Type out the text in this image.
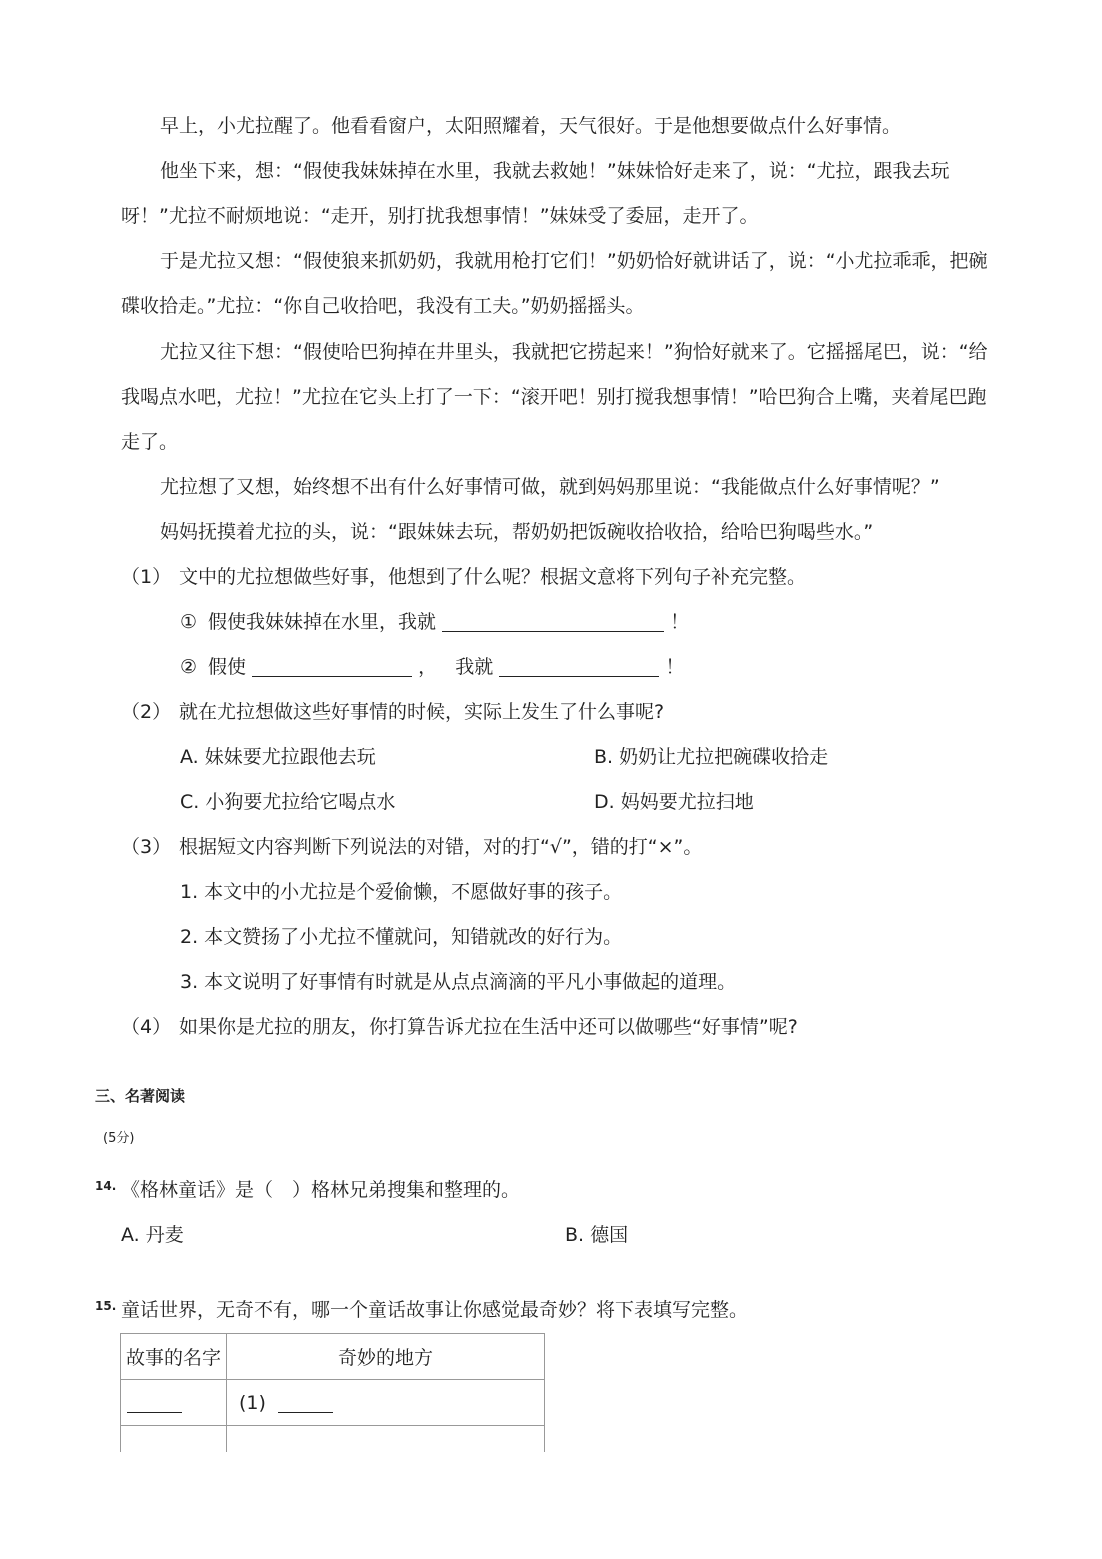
早上，小尤拉醒了。他看看窗户，太阳照耀着，天气很好。于是他想要做点什么好事情。
他坐下来，想：“假使我妹妹掉在水里，我就去救她！”妹妹恰好走来了，说：“尤拉，跟我去玩
呀！”尤拉不耐烦地说：“走开，别打扰我想事情！”妹妹受了委屈，走开了。
于是尤拉又想：“假使狼来抓奶奶，我就用枪打它们！”奶奶恰好就讲话了，说：“小尤拉乖乖，把碗
碟收拾走。”尤拉：“你自己收拾吧，我没有工夫。”奶奶摇摇头。
尤拉又往下想：“假使哈巴狗掉在井里头，我就把它捞起来！”狗恰好就来了。它摇摇尾巴，说：“给
我喝点水吧，尤拉！”尤拉在它头上打了一下：“滚开吧！别打搅我想事情！”哈巴狗合上嘴，夹着尾巴跑
走了。
尤拉想了又想，始终想不出有什么好事情可做，就到妈妈那里说：“我能做点什么好事情呢？”
妈妈抚摸着尤拉的头，说：“跟妹妹去玩，帮奶奶把饭碗收拾收拾，给哈巴狗喝些水。”
（1） 文中的尤拉想做些好事，他想到了什么呢？根据文意将下列句子补充完整。
① 假使我妹妹掉在水里，我就	！
② 假使	， 我就	！
（2） 就在尤拉想做这些好事情的时候，实际上发生了什么事呢?
A. 妹妹要尤拉跟他去玩	B. 奶奶让尤拉把碗碟收拾走
C. 小狗要尤拉给它喝点水	D. 妈妈要尤拉扫地
（3） 根据短文内容判断下列说法的对错，对的打“√”，错的打“×”。
1. 本文中的小尤拉是个爱偷懒，不愿做好事的孩子。
2. 本文赞扬了小尤拉不懂就问，知错就改的好行为。
3. 本文说明了好事情有时就是从点点滴滴的平凡小事做起的道理。
（4） 如果你是尤拉的朋友，你打算告诉尤拉在生活中还可以做哪些“好事情”呢?
三、名著阅读
(5分)
14. 《格林童话》是（　）格林兄弟搜集和整理的。
A. 丹麦	B. 德国
15. 童话世界，无奇不有，哪一个童话故事让你感觉最奇妙？将下表填写完整。
故事的名字	奇妙的地方
	(1)
